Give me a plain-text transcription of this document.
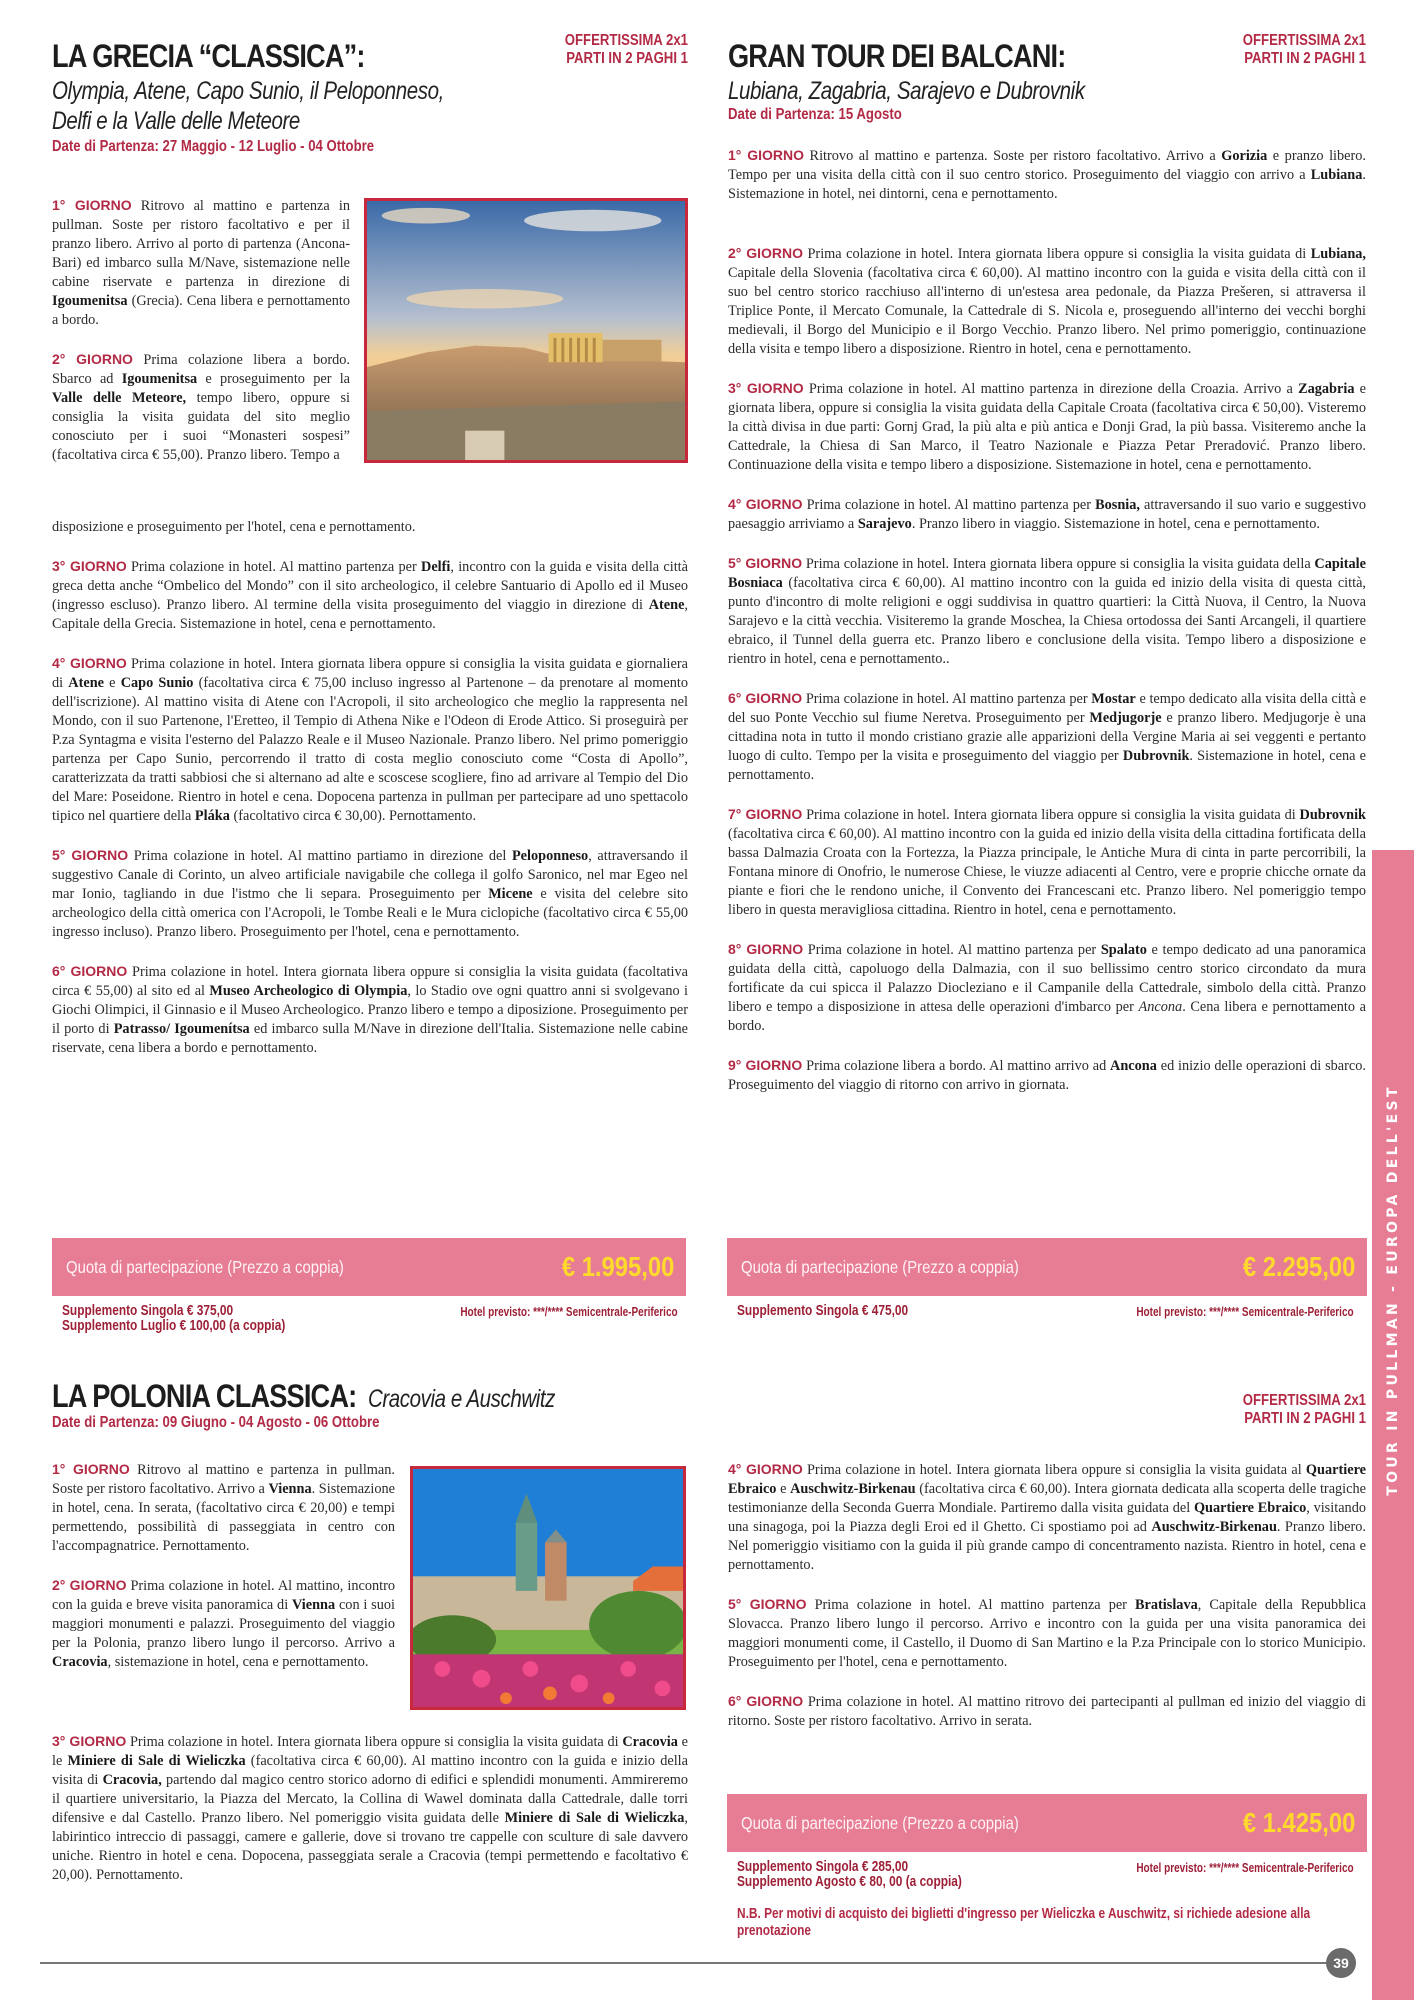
LA GRECIA “CLASSICA”:
Olympia, Atene, Capo Sunio, il Peloponneso,
Delfi e la Valle delle Meteore
Date di Partenza: 27 Maggio - 12 Luglio - 04 Ottobre
OFFERTISSIMA 2x1
PARTI IN 2 PAGHI 1
1° GIORNO Ritrovo al mattino e partenza in pullman. Soste per ristoro facoltativo e per il pranzo libero. Arrivo al porto di partenza (Ancona-Bari) ed imbarco sulla M/Nave, sistemazione nelle cabine riservate e partenza in direzione di Igoumenitsa (Grecia). Cena libera e pernottamento a bordo.
2° GIORNO Prima colazione libera a bordo. Sbarco ad Igoumenitsa e proseguimento per la Valle delle Meteore, tempo libero, oppure si consiglia la visita guidata del sito meglio conosciuto per i suoi “Monasteri sospesi” (facoltativa circa € 55,00). Pranzo libero. Tempo a
disposizione e proseguimento per l'hotel, cena e pernottamento.
3° GIORNO Prima colazione in hotel. Al mattino partenza per Delfi, incontro con la guida e visita della città greca detta anche “Ombelico del Mondo” con il sito archeologico, il celebre Santuario di Apollo ed il Museo (ingresso escluso). Pranzo libero. Al termine della visita proseguimento del viaggio in direzione di Atene, Capitale della Grecia. Sistemazione in hotel, cena e pernottamento.
4° GIORNO Prima colazione in hotel. Intera giornata libera oppure si consiglia la visita guidata e giornaliera di Atene e Capo Sunio (facoltativa circa € 75,00 incluso ingresso al Partenone – da prenotare al momento dell'iscrizione). Al mattino visita di Atene con l'Acropoli, il sito archeologico che meglio la rappresenta nel Mondo, con il suo Partenone, l'Eretteo, il Tempio di Athena Nike e l'Odeon di Erode Attico. Si proseguirà per P.za Syntagma e visita l'esterno del Palazzo Reale e il Museo Nazionale. Pranzo libero. Nel primo pomeriggio partenza per Capo Sunio, percorrendo il tratto di costa meglio conosciuto come “Costa di Apollo”, caratterizzata da tratti sabbiosi che si alternano ad alte e scoscese scogliere, fino ad arrivare al Tempio del Dio del Mare: Poseidone. Rientro in hotel e cena. Dopocena partenza in pullman per partecipare ad uno spettacolo tipico nel quartiere della Pláka (facoltativo circa € 30,00). Pernottamento.
5° GIORNO Prima colazione in hotel. Al mattino partiamo in direzione del Peloponneso, attraversando il suggestivo Canale di Corinto, un alveo artificiale navigabile che collega il golfo Saronico, nel mar Egeo nel mar Ionio, tagliando in due l'istmo che li separa. Proseguimento per Micene e visita del celebre sito archeologico della città omerica con l'Acropoli, le Tombe Reali e le Mura ciclopiche (facoltativo circa € 55,00 ingresso incluso). Pranzo libero. Proseguimento per l'hotel, cena e pernottamento.
6° GIORNO Prima colazione in hotel. Intera giornata libera oppure si consiglia la visita guidata (facoltativa circa € 55,00) al sito ed al Museo Archeologico di Olympia, lo Stadio ove ogni quattro anni si svolgevano i Giochi Olimpici, il Ginnasio e il Museo Archeologico. Pranzo libero e tempo a diposizione. Proseguimento per il porto di Patrasso/ Igoumenítsa ed imbarco sulla M/Nave in direzione dell'Italia. Sistemazione nelle cabine riservate, cena libera a bordo e pernottamento.
Quota di partecipazione (Prezzo a coppia)	€ 1.995,00
Supplemento Singola € 375,00
Supplemento Luglio € 100,00 (a coppia)
Hotel previsto: ***/**** Semicentrale-Periferico
GRAN TOUR DEI BALCANI:
Lubiana, Zagabria, Sarajevo e Dubrovnik
Date di Partenza: 15 Agosto
OFFERTISSIMA 2x1
PARTI IN 2 PAGHI 1
1° GIORNO Ritrovo al mattino e partenza. Soste per ristoro facoltativo. Arrivo a Gorizia e pranzo libero. Tempo per una visita della città con il suo centro storico. Proseguimento del viaggio con arrivo a Lubiana. Sistemazione in hotel, nei dintorni, cena e pernottamento.
2° GIORNO Prima colazione in hotel. Intera giornata libera oppure si consiglia la visita guidata di Lubiana, Capitale della Slovenia (facoltativa circa € 60,00). Al mattino incontro con la guida e visita della città con il suo bel centro storico racchiuso all'interno di un'estesa area pedonale, da Piazza Prešeren, si attraversa il Triplice Ponte, il Mercato Comunale, la Cattedrale di S. Nicola e, proseguendo all'interno dei vecchi borghi medievali, il Borgo del Municipio e il Borgo Vecchio. Pranzo libero. Nel primo pomeriggio, continuazione della visita e tempo libero a disposizione. Rientro in hotel, cena e pernottamento.
3° GIORNO Prima colazione in hotel. Al mattino partenza in direzione della Croazia. Arrivo a Zagabria e giornata libera, oppure si consiglia la visita guidata della Capitale Croata (facoltativa circa € 50,00). Visteremo la città divisa in due parti: Gornj Grad, la più alta e più antica e Donji Grad, la più bassa. Visiteremo anche la Cattedrale, la Chiesa di San Marco, il Teatro Nazionale e Piazza Petar Preradović. Pranzo libero. Continuazione della visita e tempo libero a disposizione. Sistemazione in hotel, cena e pernottamento.
4° GIORNO Prima colazione in hotel. Al mattino partenza per Bosnia, attraversando il suo vario e suggestivo paesaggio arriviamo a Sarajevo. Pranzo libero in viaggio. Sistemazione in hotel, cena e pernottamento.
5° GIORNO Prima colazione in hotel. Intera giornata libera oppure si consiglia la visita guidata della Capitale Bosniaca (facoltativa circa € 60,00). Al mattino incontro con la guida ed inizio della visita di questa città, punto d'incontro di molte religioni e oggi suddivisa in quattro quartieri: la Città Nuova, il Centro, la Nuova Sarajevo e la città vecchia. Visiteremo la grande Moschea, la Chiesa ortodossa dei Santi Arcangeli, il quartiere ebraico, il Tunnel della guerra etc. Pranzo libero e conclusione della visita. Tempo libero a disposizione e rientro in hotel, cena e pernottamento..
6° GIORNO Prima colazione in hotel. Al mattino partenza per Mostar e tempo dedicato alla visita della città e del suo Ponte Vecchio sul fiume Neretva. Proseguimento per Medjugorje e pranzo libero. Medjugorje è una cittadina nota in tutto il mondo cristiano grazie alle apparizioni della Vergine Maria ai sei veggenti e pertanto luogo di culto. Tempo per la visita e proseguimento del viaggio per Dubrovnik. Sistemazione in hotel, cena e pernottamento.
7° GIORNO Prima colazione in hotel. Intera giornata libera oppure si consiglia la visita guidata di Dubrovnik (facoltativa circa € 60,00). Al mattino incontro con la guida ed inizio della visita della cittadina fortificata della bassa Dalmazia Croata con la Fortezza, la Piazza principale, le Antiche Mura di cinta in parte percorribili, la Fontana minore di Onofrio, le numerose Chiese, le viuzze adiacenti al Centro, vere e proprie chicche ornate da piante e fiori che le rendono uniche, il Convento dei Francescani etc. Pranzo libero. Nel pomeriggio tempo libero in questa meravigliosa cittadina. Rientro in hotel, cena e pernottamento.
8° GIORNO Prima colazione in hotel. Al mattino partenza per Spalato e tempo dedicato ad una panoramica guidata della città, capoluogo della Dalmazia, con il suo bellissimo centro storico circondato da mura fortificate da cui spicca il Palazzo Diocleziano e il Campanile della Cattedrale, simbolo della città. Pranzo libero e tempo a disposizione in attesa delle operazioni d'imbarco per Ancona. Cena libera e pernottamento a bordo.
9° GIORNO Prima colazione libera a bordo. Al mattino arrivo ad Ancona ed inizio delle operazioni di sbarco. Proseguimento del viaggio di ritorno con arrivo in giornata.
Quota di partecipazione (Prezzo a coppia)	€ 2.295,00
Supplemento Singola € 475,00	Hotel previsto: ***/**** Semicentrale-Periferico
LA POLONIA CLASSICA: Cracovia e Auschwitz
Date di Partenza: 09 Giugno - 04 Agosto - 06 Ottobre
OFFERTISSIMA 2x1
PARTI IN 2 PAGHI 1
1° GIORNO Ritrovo al mattino e partenza in pullman. Soste per ristoro facoltativo. Arrivo a Vienna. Sistemazione in hotel, cena. In serata, (facoltativo circa € 20,00) e tempi permettendo, possibilità di passeggiata in centro con l'accompagnatrice. Pernottamento.
2° GIORNO Prima colazione in hotel. Al mattino, incontro con la guida e breve visita panoramica di Vienna con i suoi maggiori monumenti e palazzi. Proseguimento del viaggio per la Polonia, pranzo libero lungo il percorso. Arrivo a Cracovia, sistemazione in hotel, cena e pernottamento.
3° GIORNO Prima colazione in hotel. Intera giornata libera oppure si consiglia la visita guidata di Cracovia e le Miniere di Sale di Wieliczka (facoltativa circa € 60,00). Al mattino incontro con la guida e inizio della visita di Cracovia, partendo dal magico centro storico adorno di edifici e splendidi monumenti. Ammireremo il quartiere universitario, la Piazza del Mercato, la Collina di Wawel dominata dalla Cattedrale, dalle torri difensive e dal Castello. Pranzo libero. Nel pomeriggio visita guidata delle Miniere di Sale di Wieliczka, labirintico intreccio di passaggi, camere e gallerie, dove si trovano tre cappelle con sculture di sale davvero uniche. Rientro in hotel e cena. Dopocena, passeggiata serale a Cracovia (tempi permettendo e facoltativo € 20,00). Pernottamento.
4° GIORNO Prima colazione in hotel. Intera giornata libera oppure si consiglia la visita guidata al Quartiere Ebraico e Auschwitz-Birkenau (facoltativa circa € 60,00). Intera giornata dedicata alla scoperta delle tragiche testimonianze della Seconda Guerra Mondiale. Partiremo dalla visita guidata del Quartiere Ebraico, visitando una sinagoga, poi la Piazza degli Eroi ed il Ghetto. Ci spostiamo poi ad Auschwitz-Birkenau. Pranzo libero. Nel pomeriggio visitiamo con la guida il più grande campo di concentramento nazista. Rientro in hotel, cena e pernottamento.
5° GIORNO Prima colazione in hotel. Al mattino partenza per Bratislava, Capitale della Repubblica Slovacca. Pranzo libero lungo il percorso. Arrivo e incontro con la guida per una visita panoramica dei maggiori monumenti come, il Castello, il Duomo di San Martino e la P.za Principale con lo storico Municipio. Proseguimento per l'hotel, cena e pernottamento.
6° GIORNO Prima colazione in hotel. Al mattino ritrovo dei partecipanti al pullman ed inizio del viaggio di ritorno. Soste per ristoro facoltativo. Arrivo in serata.
Quota di partecipazione (Prezzo a coppia)	€ 1.425,00
Supplemento Singola € 285,00
Supplemento Agosto € 80, 00 (a coppia)
Hotel previsto: ***/**** Semicentrale-Periferico
N.B. Per motivi di acquisto dei biglietti d'ingresso per Wieliczka e Auschwitz, si richiede adesione alla prenotazione
TOUR IN PULLMAN - EUROPA DELL'EST
39
